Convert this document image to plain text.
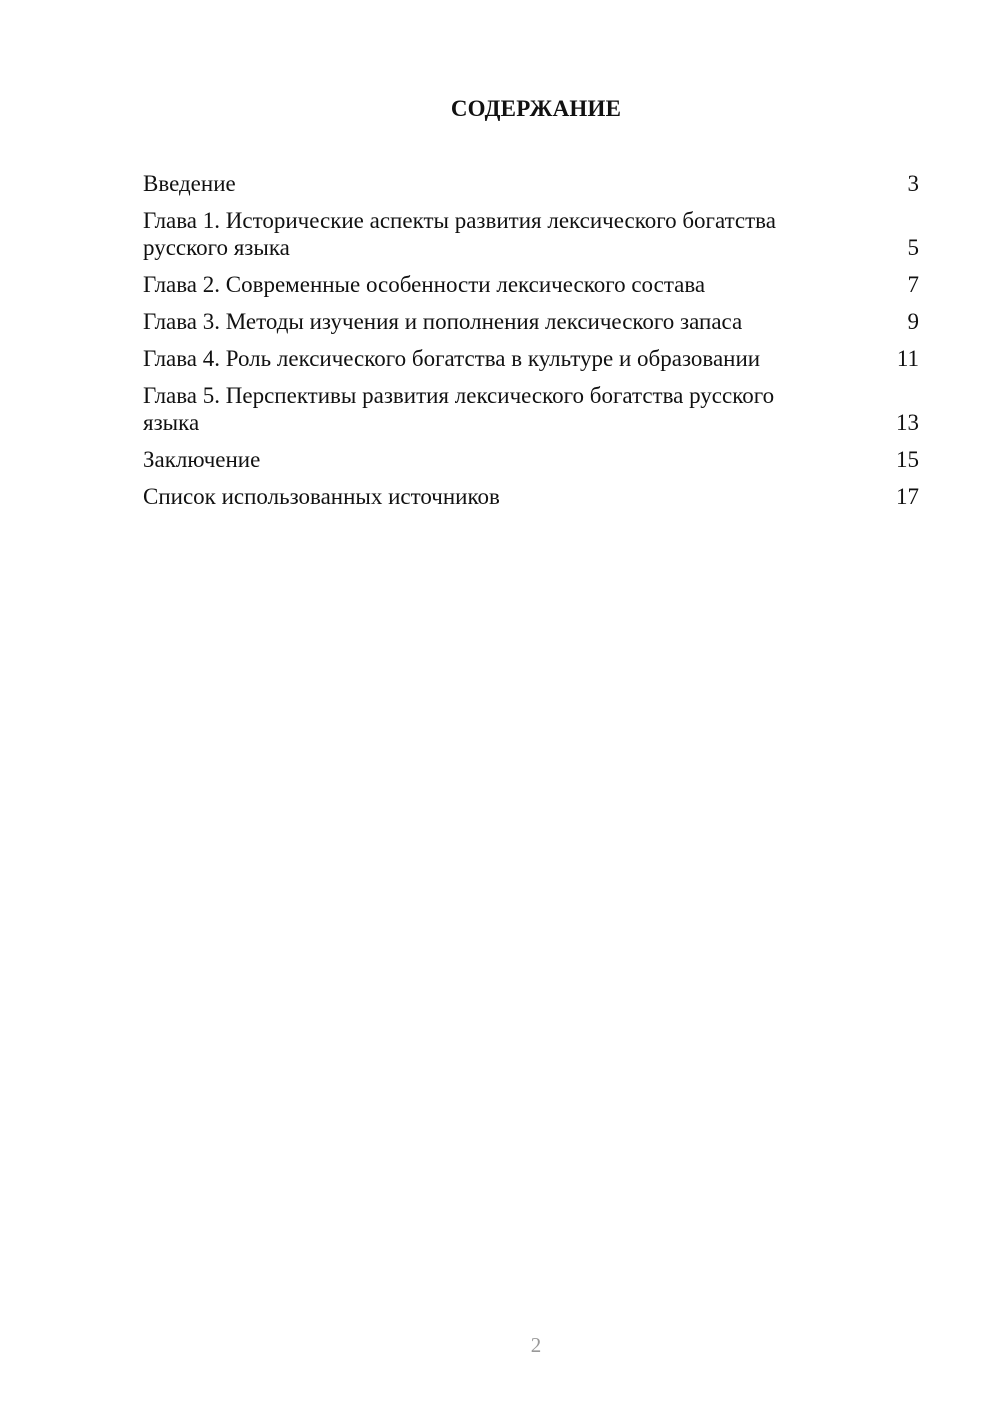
СОДЕРЖАНИЕ
Введение	3
Глава 1. Исторические аспекты развития лексического богатства русского языка	5
Глава 2. Современные особенности лексического состава	7
Глава 3. Методы изучения и пополнения лексического запаса	9
Глава 4. Роль лексического богатства в культуре и образовании	11
Глава 5. Перспективы развития лексического богатства русского языка	13
Заключение	15
Список использованных источников	17
2
